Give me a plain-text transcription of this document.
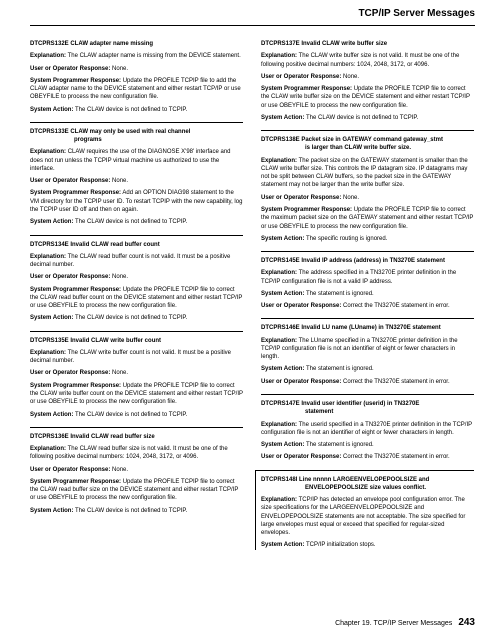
TCP/IP Server Messages
DTCPRS132E CLAW adapter name missing

Explanation: The CLAW adapter name is missing from the DEVICE statement.

User or Operator Response: None.

System Programmer Response: Update the PROFILE TCPIP file to add the CLAW adapter name to the DEVICE statement and either restart TCP/IP or use OBEYFILE to process the new configuration file.

System Action: The CLAW device is not defined to TCPIP.

DTCPRS133E CLAW may only be used with real channel
programs

Explanation: CLAW requires the use of the DIAGNOSE X'98' interface and does not run unless the TCPIP virtual machine us authorized to use the interface.

User or Operator Response: None.

System Programmer Response: Add an OPTION DIAG98 statement to the VM directory for the TCPIP user ID. To restart TCPIP with the new capability, log the TCPIP user ID off and then on again.

System Action: The CLAW device is not defined to TCPIP.

DTCPRS134E Invalid CLAW read buffer count

Explanation: The CLAW read buffer count is not valid. It must be a positive decimal number.

User or Operator Response: None.

System Programmer Response: Update the PROFILE TCPIP file to correct the CLAW read buffer count on the DEVICE statement and either restart TCP/IP or use OBEYFILE to process the new configuration file.

System Action: The CLAW device is not defined to TCPIP.

DTCPRS135E Invalid CLAW write buffer count

Explanation: The CLAW write buffer count is not valid. It must be a positive decimal number.

User or Operator Response: None.

System Programmer Response: Update the PROFILE TCPIP file to correct the CLAW write buffer count on the DEVICE statement and either restart TCP/IP or use OBEYFILE to process the new configuration file.

System Action: The CLAW device is not defined to TCPIP.

DTCPRS136E Invalid CLAW read buffer size

Explanation: The CLAW read buffer size is not valid. It must be one of the following positive decimal numbers: 1024, 2048, 3172, or 4096.

User or Operator Response: None.

System Programmer Response: Update the PROFILE TCPIP file to correct the CLAW read buffer size on the DEVICE statement and either restart TCP/IP or use OBEYFILE to process the new configuration file.

System Action: The CLAW device is not defined to TCPIP.

DTCPRS137E Invalid CLAW write buffer size

Explanation: The CLAW write buffer size is not valid. It must be one of the following positive decimal numbers: 1024, 2048, 3172, or 4096.

User or Operator Response: None.

System Programmer Response: Update the PROFILE TCPIP file to correct the CLAW write buffer size on the DEVICE statement and either restart TCP/IP or use OBEYFILE to process the new configuration file.

System Action: The CLAW device is not defined to TCPIP.

DTCPRS138E Packet size in GATEWAY command gateway_stmt
is larger than CLAW write buffer size.

Explanation: The packet size on the GATEWAY statement is smaller than the CLAW write buffer size. This controls the IP datagram size. IP datagrams may not be split between CLAW buffers, so the packet size in the GATEWAY statement may not be larger than the write buffer size.

User or Operator Response: None.

System Programmer Response: Update the PROFILE TCPIP file to correct the maximum packet size on the GATEWAY statement and either restart TCP/IP or use OBEYFILE to process the new configuration file.

System Action: The specific routing is ignored.

DTCPRS145E Invalid IP address (address) in TN3270E statement

Explanation: The address specified in a TN3270E printer definition in the TCP/IP configuration file is not a valid IP address.

System Action: The statement is ignored.

User or Operator Response: Correct the TN3270E statement in error.

DTCPRS146E Invalid LU name (LUname) in TN3270E statement

Explanation: The LUname specified in a TN3270E printer definition in the TCP/IP configuration file is not an identifier of eight or fewer characters in length.

System Action: The statement is ignored.

User or Operator Response: Correct the TN3270E statement in error.

DTCPRS147E Invalid user identifier (userid) in TN3270E
statement

Explanation: The userid specified in a TN3270E printer definition in the TCP/IP configuration file is not an identifier of eight or fewer characters in length.

System Action: The statement is ignored.

User or Operator Response: Correct the TN3270E statement in error.

DTCPRS148I Line nnnnn LARGEENVELOPEPOOLSIZE and
ENVELOPEPOOLSIZE size values conflict.

Explanation: TCP/IP has detected an envelope pool configuration error. The size specifications for the LARGEENVELOPEPOOLSIZE and ENVELOPEPOOLSIZE statements are not acceptable. The size specified for large envelopes must equal or exceed that specified for regular-sized envelopes.

System Action: TCP/IP initialization stops.

Chapter 19. TCP/IP Server Messages 243
